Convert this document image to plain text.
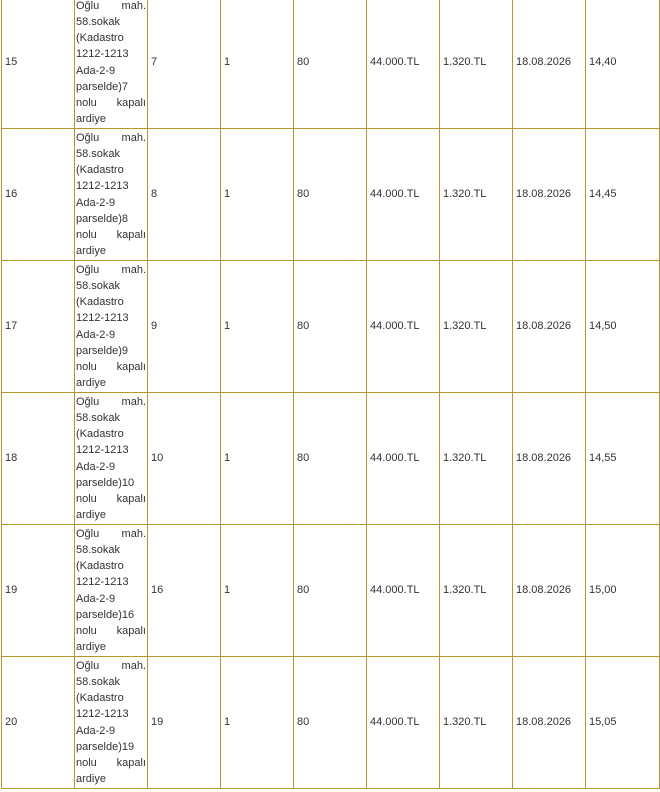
15	Oğlu mah. 58.sokak (Kadastro 1212-1213 Ada-2-9 parselde)7 nolu kapalı ardiye	7	1	80	44.000.TL	1.320.TL	18.08.2026	14,40
16	Oğlu mah. 58.sokak (Kadastro 1212-1213 Ada-2-9 parselde)8 nolu kapalı ardiye	8	1	80	44.000.TL	1.320.TL	18.08.2026	14,45
17	Oğlu mah. 58.sokak (Kadastro 1212-1213 Ada-2-9 parselde)9 nolu kapalı ardiye	9	1	80	44.000.TL	1.320.TL	18.08.2026	14,50
18	Oğlu mah. 58.sokak (Kadastro 1212-1213 Ada-2-9 parselde)10 nolu kapalı ardiye	10	1	80	44.000.TL	1.320.TL	18.08.2026	14,55
19	Oğlu mah. 58.sokak (Kadastro 1212-1213 Ada-2-9 parselde)16 nolu kapalı ardiye	16	1	80	44.000.TL	1.320.TL	18.08.2026	15,00
20	Oğlu mah. 58.sokak (Kadastro 1212-1213 Ada-2-9 parselde)19 nolu kapalı ardiye	19	1	80	44.000.TL	1.320.TL	18.08.2026	15,05
